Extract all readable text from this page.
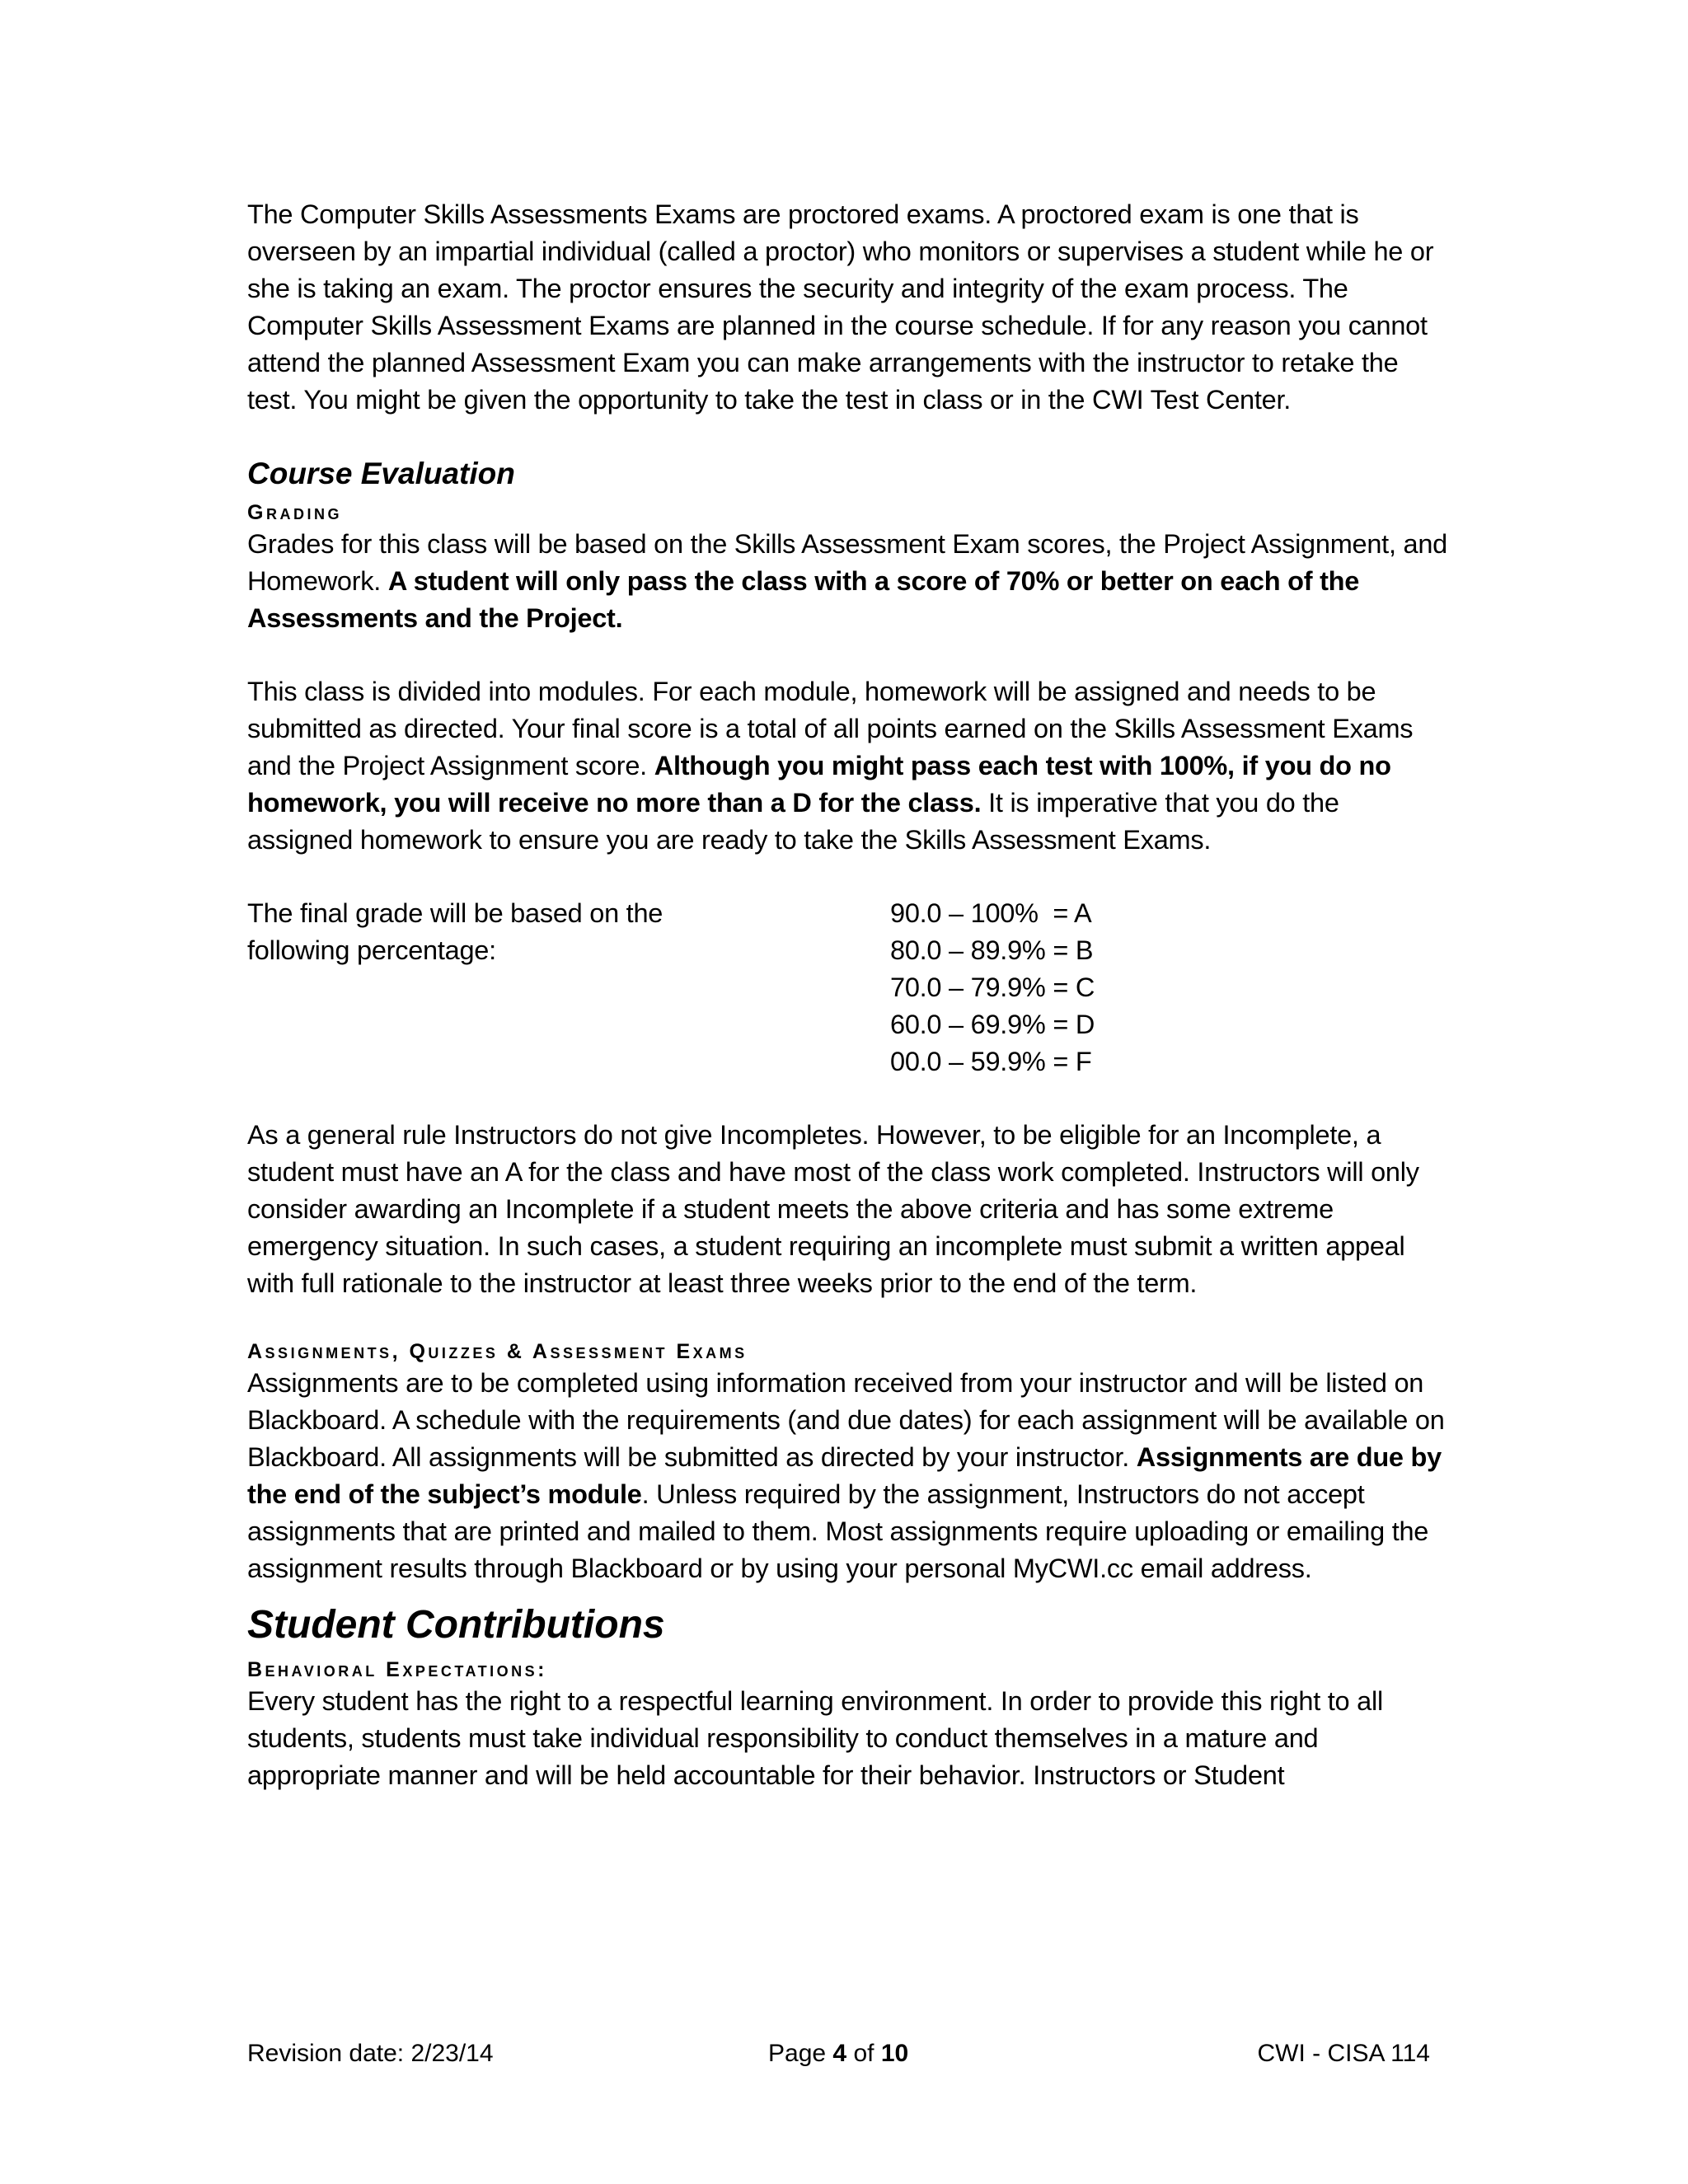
The Computer Skills Assessments Exams are proctored exams. A proctored exam is one that is overseen by an impartial individual (called a proctor) who monitors or supervises a student while he or she is taking an exam. The proctor ensures the security and integrity of the exam process. The Computer Skills Assessment Exams are planned in the course schedule. If for any reason you cannot attend the planned Assessment Exam you can make arrangements with the instructor to retake the test. You might be given the opportunity to take the test in class or in the CWI Test Center.

Course Evaluation
Grading

Grades for this class will be based on the Skills Assessment Exam scores, the Project Assignment, and Homework. A student will only pass the class with a score of 70% or better on each of the Assessments and the Project.

This class is divided into modules. For each module, homework will be assigned and needs to be submitted as directed. Your final score is a total of all points earned on the Skills Assessment Exams and the Project Assignment score. Although you might pass each test with 100%, if you do no homework, you will receive no more than a D for the class. It is imperative that you do the assigned homework to ensure you are ready to take the Skills Assessment Exams.

The final grade will be based on the
following percentage:
90.0 – 100%  = A
80.0 – 89.9% = B
70.0 – 79.9% = C
60.0 – 69.9% = D
00.0 – 59.9% = F

As a general rule Instructors do not give Incompletes. However, to be eligible for an Incomplete, a student must have an A for the class and have most of the class work completed. Instructors will only consider awarding an Incomplete if a student meets the above criteria and has some extreme emergency situation. In such cases, a student requiring an incomplete must submit a written appeal with full rationale to the instructor at least three weeks prior to the end of the term.

Assignments, Quizzes & Assessment Exams

Assignments are to be completed using information received from your instructor and will be listed on Blackboard. A schedule with the requirements (and due dates) for each assignment will be available on Blackboard. All assignments will be submitted as directed by your instructor. Assignments are due by the end of the subject’s module. Unless required by the assignment, Instructors do not accept assignments that are printed and mailed to them. Most assignments require uploading or emailing the assignment results through Blackboard or by using your personal MyCWI.cc email address.

Student Contributions
Behavioral Expectations:

Every student has the right to a respectful learning environment. In order to provide this right to all students, students must take individual responsibility to conduct themselves in a mature and appropriate manner and will be held accountable for their behavior. Instructors or Student

Revision date: 2/23/14	Page 4 of 10	CWI - CISA 114
